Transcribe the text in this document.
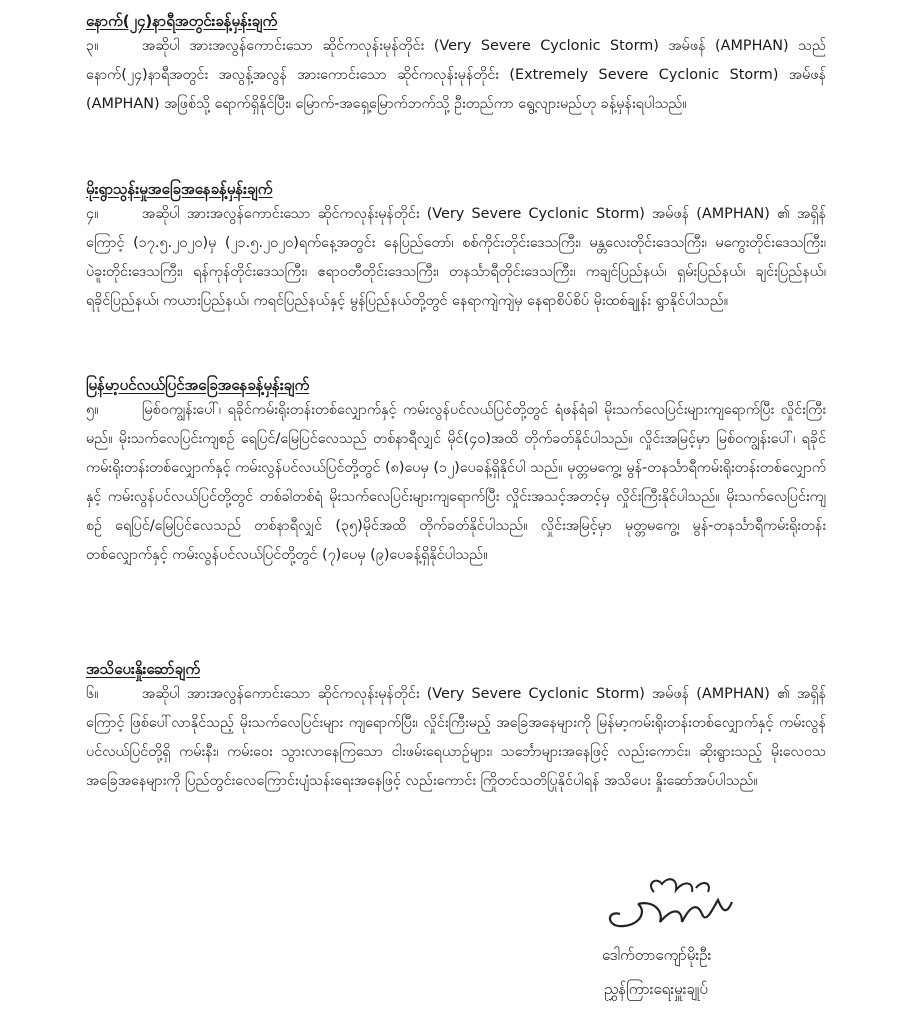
နောက်(၂၄)နာရီအတွင်းခန့်မှန်းချက်

၃။	အဆိုပါ အားအလွန်ကောင်းသော ဆိုင်ကလုန်းမုန်တိုင်း (Very Severe Cyclonic Storm) အမ်ဖန် (AMPHAN) သည် နောက်(၂၄)နာရီအတွင်း အလွန့်အလွန် အားကောင်းသော ဆိုင်ကလုန်းမုန်တိုင်း (Extremely Severe Cyclonic Storm) အမ်ဖန် (AMPHAN) အဖြစ်သို့ ရောက်ရှိနိုင်ပြီး၊ မြောက်-အရှေ့မြောက်ဘက်သို့ ဦးတည်ကာ ရွေ့လျားမည်ဟု ခန့်မှန်းရပါသည်။

မိုးရွာသွန်းမှုအခြေအနေခန့်မှန်းချက်

၄။	အဆိုပါ အားအလွန်ကောင်းသော ဆိုင်ကလုန်းမုန်တိုင်း (Very Severe Cyclonic Storm) အမ်ဖန် (AMPHAN) ၏ အရှိန်ကြောင့် (၁၇.၅.၂၀၂၀)မှ (၂၁.၅.၂၀၂၀)ရက်နေ့အတွင်း နေပြည်တော်၊ စစ်ကိုင်းတိုင်းဒေသကြီး၊ မန္တလေးတိုင်းဒေသကြီး၊ မကွေးတိုင်းဒေသကြီး၊ ပဲခူးတိုင်းဒေသကြီး၊ ရန်ကုန်တိုင်းဒေသကြီး၊ ဧရာဝတီတိုင်းဒေသကြီး၊ တနင်္သာရီတိုင်းဒေသကြီး၊ ကချင်ပြည်နယ်၊ ရှမ်းပြည်နယ်၊ ချင်းပြည်နယ်၊ ရခိုင်ပြည်နယ်၊ ကယားပြည်နယ်၊ ကရင်ပြည်နယ်နှင့် မွန်ပြည်နယ်တို့တွင် နေရာကျဲကျဲမှ နေရာစိပ်စိပ် မိုးထစ်ချုန်း ရွာနိုင်ပါသည်။

မြန်မာ့ပင်လယ်ပြင်အခြေအနေခန့်မှန်းချက်

၅။	မြစ်ဝကျွန်းပေါ်၊ ရခိုင်ကမ်းရိုးတန်းတစ်လျှောက်နှင့် ကမ်းလွန်ပင်လယ်ပြင်တို့တွင် ရံဖန်ရံခါ မိုးသက်လေပြင်းများကျရောက်ပြီး လှိုင်းကြီးမည်။ မိုးသက်လေပြင်းကျစဉ် ရေပြင်/မြေပြင်လေသည် တစ်နာရီလျှင် မိုင်(၄၀)အထိ တိုက်ခတ်နိုင်ပါသည်။ လှိုင်းအမြင့်မှာ မြစ်ဝကျွန်းပေါ်၊ ရခိုင်ကမ်းရိုးတန်းတစ်လျှောက်နှင့် ကမ်းလွန်ပင်လယ်ပြင်တို့တွင် (၈)ပေမှ (၁၂)ပေခန့်ရှိနိုင်ပါ သည်။ မုတ္တမကွေ့၊ မွန်-တနင်္သာရီကမ်းရိုးတန်းတစ်လျှောက်နှင့် ကမ်းလွန်ပင်လယ်ပြင်တို့တွင် တစ်ခါတစ်ရံ မိုးသက်လေပြင်းများကျရောက်ပြီး လှိုင်းအသင့်အတင့်မှ လှိုင်းကြီးနိုင်ပါသည်။ မိုးသက်လေပြင်းကျစဉ် ရေပြင်/မြေပြင်လေသည် တစ်နာရီလျှင် (၃၅)မိုင်အထိ တိုက်ခတ်နိုင်ပါသည်။ လှိုင်းအမြင့်မှာ မုတ္တမကွေ့၊ မွန်-တနင်္သာရီကမ်းရိုးတန်းတစ်လျှောက်နှင့် ကမ်းလွန်ပင်လယ်ပြင်တို့တွင် (၇)ပေမှ (၉)ပေခန့်ရှိနိုင်ပါသည်။

အသိပေးနှိုးဆော်ချက်

၆။	အဆိုပါ အားအလွန်ကောင်းသော ဆိုင်ကလုန်းမုန်တိုင်း (Very Severe Cyclonic Storm) အမ်ဖန် (AMPHAN) ၏ အရှိန်ကြောင့် ဖြစ်ပေါ်လာနိုင်သည့် မိုးသက်လေပြင်းများ ကျရောက်ပြီး၊ လှိုင်းကြီးမည့် အခြေအနေများကို မြန်မာ့ကမ်းရိုးတန်းတစ်လျှောက်နှင့် ကမ်းလွန်ပင်လယ်ပြင်တို့ရှိ ကမ်းနီး၊ ကမ်းဝေး သွားလာနေကြသော ငါးဖမ်းရေယာဉ်များ၊ သင်္ဘောများအနေဖြင့် လည်းကောင်း၊ ဆိုးရွားသည့် မိုးလေဝသ အခြေအနေများကို ပြည်တွင်းလေကြောင်းပျံသန်းရေးအနေဖြင့် လည်းကောင်း ကြိုတင်သတိပြုနိုင်ပါရန် အသိပေး နှိုးဆော်အပ်ပါသည်။

ဒေါက်တာကျော်မိုးဦး
ညွှန်ကြားရေးမှူးချုပ်
